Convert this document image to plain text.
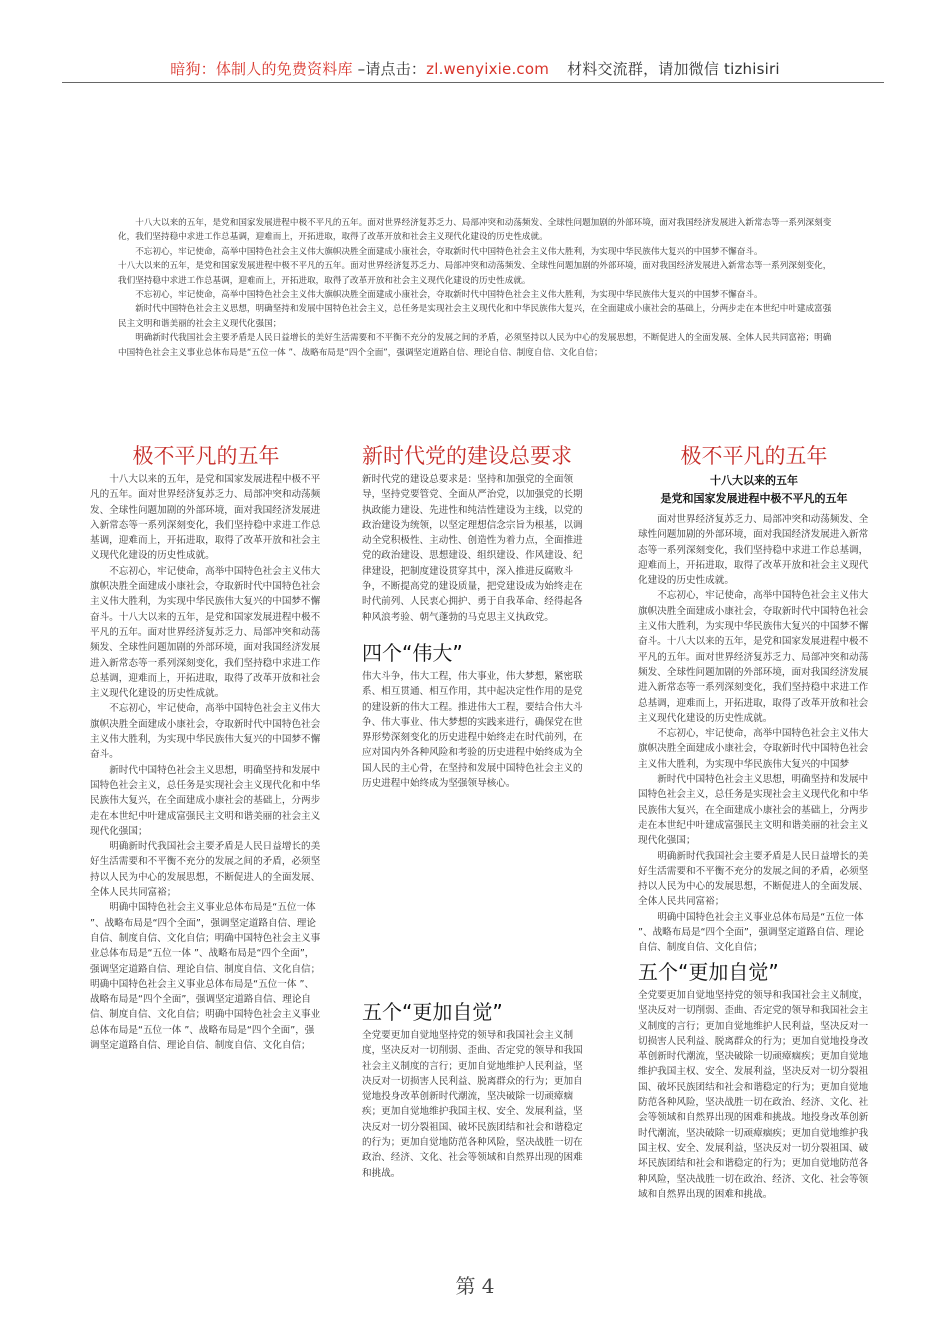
暗狗：体制人的免费资料库 –请点击：zl.wenyixie.com 材料交流群，请加微信 tizhisiri

十八大以来的五年，是党和国家发展进程中极不平凡的五年。面对世界经济复苏乏力、局部冲突和动荡频发、全球性问题加剧的外部环境，面对我国经济发展进入新常态等一系列深刻变化，我们坚持稳中求进工作总基调，迎难而上，开拓进取，取得了改革开放和社会主义现代化建设的历史性成就。

不忘初心，牢记使命，高举中国特色社会主义伟大旗帜决胜全面建成小康社会，夺取新时代中国特色社会主义伟大胜利，为实现中华民族伟大复兴的中国梦不懈奋斗。

十八大以来的五年，是党和国家发展进程中极不平凡的五年。面对世界经济复苏乏力、局部冲突和动荡频发、全球性问题加剧的外部环境，面对我国经济发展进入新常态等一系列深刻变化，我们坚持稳中求进工作总基调，迎难而上，开拓进取，取得了改革开放和社会主义现代化建设的历史性成就。

不忘初心，牢记使命，高举中国特色社会主义伟大旗帜决胜全面建成小康社会，夺取新时代中国特色社会主义伟大胜利，为实现中华民族伟大复兴的中国梦不懈奋斗。

新时代中国特色社会主义思想，明确坚持和发展中国特色社会主义，总任务是实现社会主义现代化和中华民族伟大复兴，在全面建成小康社会的基础上，分两步走在本世纪中叶建成富强民主文明和谐美丽的社会主义现代化强国；

明确新时代我国社会主要矛盾是人民日益增长的美好生活需要和不平衡不充分的发展之间的矛盾，必须坚持以人民为中心的发展思想，不断促进人的全面发展、全体人民共同富裕；明确中国特色社会主义事业总体布局是“五位一体 ”、战略布局是“四个全面”，强调坚定道路自信、理论自信、制度自信、文化自信；

极不平凡的五年

十八大以来的五年，是党和国家发展进程中极不平凡的五年。面对世界经济复苏乏力、局部冲突和动荡频发、全球性问题加剧的外部环境，面对我国经济发展进入新常态等一系列深刻变化，我们坚持稳中求进工作总基调，迎难而上，开拓进取，取得了改革开放和社会主义现代化建设的历史性成就。

不忘初心，牢记使命，高举中国特色社会主义伟大旗帜决胜全面建成小康社会，夺取新时代中国特色社会主义伟大胜利，为实现中华民族伟大复兴的中国梦不懈奋斗。十八大以来的五年，是党和国家发展进程中极不平凡的五年。面对世界经济复苏乏力、局部冲突和动荡频发、全球性问题加剧的外部环境，面对我国经济发展进入新常态等一系列深刻变化，我们坚持稳中求进工作总基调，迎难而上，开拓进取，取得了改革开放和社会主义现代化建设的历史性成就。

不忘初心，牢记使命，高举中国特色社会主义伟大旗帜决胜全面建成小康社会，夺取新时代中国特色社会主义伟大胜利，为实现中华民族伟大复兴的中国梦不懈奋斗。

新时代中国特色社会主义思想，明确坚持和发展中国特色社会主义，总任务是实现社会主义现代化和中华民族伟大复兴，在全面建成小康社会的基础上，分两步走在本世纪中叶建成富强民主文明和谐美丽的社会主义现代化强国；

明确新时代我国社会主要矛盾是人民日益增长的美好生活需要和不平衡不充分的发展之间的矛盾，必须坚持以人民为中心的发展思想，不断促进人的全面发展、全体人民共同富裕；

明确中国特色社会主义事业总体布局是“五位一体 ”、战略布局是“四个全面”，强调坚定道路自信、理论自信、制度自信、文化自信；明确中国特色社会主义事业总体布局是“五位一体 ”、战略布局是“四个全面”，强调坚定道路自信、理论自信、制度自信、文化自信；明确中国特色社会主义事业总体布局是“五位一体 ”、战略布局是“四个全面”，强调坚定道路自信、理论自信、制度自信、文化自信；明确中国特色社会主义事业总体布局是“五位一体 ”、战略布局是“四个全面”，强调坚定道路自信、理论自信、制度自信、文化自信；

新时代党的建设总要求

新时代党的建设总要求是：坚持和加强党的全面领导，坚持党要管党、全面从严治党，以加强党的长期执政能力建设、先进性和纯洁性建设为主线，以党的政治建设为统领，以坚定理想信念宗旨为根基，以调动全党积极性、主动性、创造性为着力点，全面推进党的政治建设、思想建设、组织建设、作风建设、纪律建设，把制度建设贯穿其中，深入推进反腐败斗争，不断提高党的建设质量，把党建设成为始终走在时代前列、人民衷心拥护、勇于自我革命、经得起各种风浪考验、朝气蓬勃的马克思主义执政党。

四个“伟大”

伟大斗争，伟大工程，伟大事业，伟大梦想，紧密联系、相互贯通、相互作用，其中起决定性作用的是党的建设新的伟大工程。推进伟大工程，要结合伟大斗争、伟大事业、伟大梦想的实践来进行，确保党在世界形势深刻变化的历史进程中始终走在时代前列，在应对国内外各种风险和考验的历史进程中始终成为全国人民的主心骨，在坚持和发展中国特色社会主义的历史进程中始终成为坚强领导核心。

五个“更加自觉”

全党要更加自觉地坚持党的领导和我国社会主义制度，坚决反对一切削弱、歪曲、否定党的领导和我国社会主义制度的言行；更加自觉地维护人民利益，坚决反对一切损害人民利益、脱离群众的行为；更加自觉地投身改革创新时代潮流，坚决破除一切顽瘴痼疾；更加自觉地维护我国主权、安全、发展利益，坚决反对一切分裂祖国、破坏民族团结和社会和谐稳定的行为；更加自觉地防范各种风险，坚决战胜一切在政治、经济、文化、社会等领域和自然界出现的困难和挑战。

极不平凡的五年
十八大以来的五年
是党和国家发展进程中极不平凡的五年

面对世界经济复苏乏力、局部冲突和动荡频发、全球性问题加剧的外部环境，面对我国经济发展进入新常态等一系列深刻变化，我们坚持稳中求进工作总基调，迎难而上，开拓进取，取得了改革开放和社会主义现代化建设的历史性成就。

不忘初心，牢记使命，高举中国特色社会主义伟大旗帜决胜全面建成小康社会，夺取新时代中国特色社会主义伟大胜利，为实现中华民族伟大复兴的中国梦不懈奋斗。十八大以来的五年，是党和国家发展进程中极不平凡的五年。面对世界经济复苏乏力、局部冲突和动荡频发、全球性问题加剧的外部环境，面对我国经济发展进入新常态等一系列深刻变化，我们坚持稳中求进工作总基调，迎难而上，开拓进取，取得了改革开放和社会主义现代化建设的历史性成就。

不忘初心，牢记使命，高举中国特色社会主义伟大旗帜决胜全面建成小康社会，夺取新时代中国特色社会主义伟大胜利，为实现中华民族伟大复兴的中国梦

新时代中国特色社会主义思想，明确坚持和发展中国特色社会主义，总任务是实现社会主义现代化和中华民族伟大复兴，在全面建成小康社会的基础上，分两步走在本世纪中叶建成富强民主文明和谐美丽的社会主义现代化强国；

明确新时代我国社会主要矛盾是人民日益增长的美好生活需要和不平衡不充分的发展之间的矛盾，必须坚持以人民为中心的发展思想，不断促进人的全面发展、全体人民共同富裕；

明确中国特色社会主义事业总体布局是“五位一体 ”、战略布局是“四个全面”，强调坚定道路自信、理论自信、制度自信、文化自信；

五个“更加自觉”

全党要更加自觉地坚持党的领导和我国社会主义制度，坚决反对一切削弱、歪曲、否定党的领导和我国社会主义制度的言行；更加自觉地维护人民利益，坚决反对一切损害人民利益、脱离群众的行为；更加自觉地投身改革创新时代潮流，坚决破除一切顽瘴痼疾；更加自觉地维护我国主权、安全、发展利益，坚决反对一切分裂祖国、破坏民族团结和社会和谐稳定的行为；更加自觉地防范各种风险，坚决战胜一切在政治、经济、文化、社会等领域和自然界出现的困难和挑战。地投身改革创新时代潮流，坚决破除一切顽瘴痼疾；更加自觉地维护我国主权、安全、发展利益，坚决反对一切分裂祖国、破坏民族团结和社会和谐稳定的行为；更加自觉地防范各种风险，坚决战胜一切在政治、经济、文化、社会等领域和自然界出现的困难和挑战。

第 4
